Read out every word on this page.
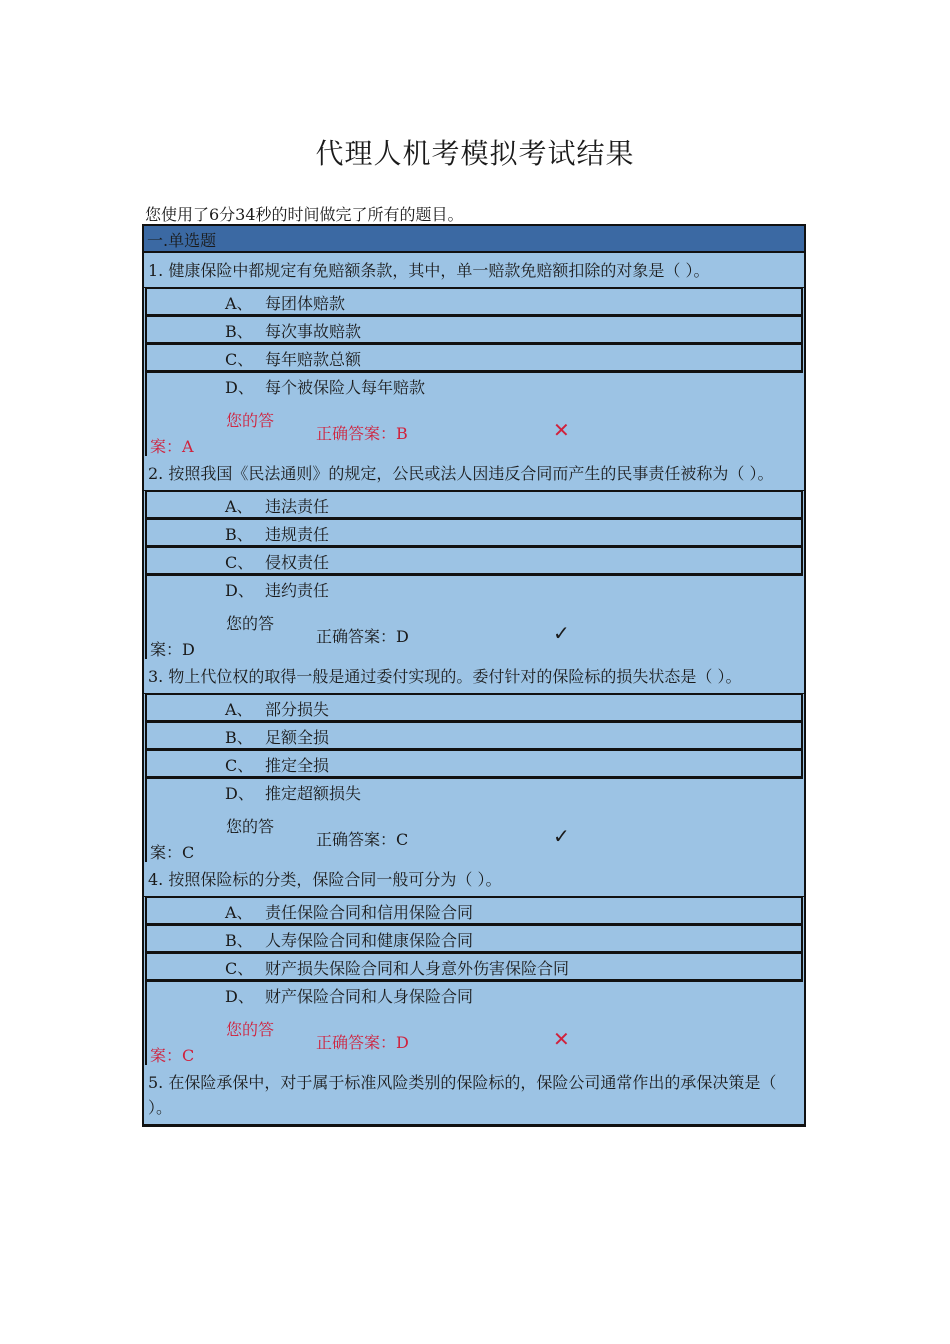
代理人机考模拟考试结果
您使用了6分34秒的时间做完了所有的题目。
一.单选题
1. 健康保险中都规定有免赔额条款，其中，单一赔款免赔额扣除的对象是（ ）。
A、 每团体赔款
B、 每次事故赔款
C、 每年赔款总额
D、 每个被保险人每年赔款
您的答
案：A
正确答案：B	✕
2. 按照我国《民法通则》的规定，公民或法人因违反合同而产生的民事责任被称为（ ）。
A、 违法责任
B、 违规责任
C、 侵权责任
D、 违约责任
您的答
案：D
正确答案：D	✓
3. 物上代位权的取得一般是通过委付实现的。委付针对的保险标的损失状态是（ ）。
A、 部分损失
B、 足额全损
C、 推定全损
D、 推定超额损失
您的答
案：C
正确答案：C	✓
4. 按照保险标的分类，保险合同一般可分为（ ）。
A、 责任保险合同和信用保险合同
B、 人寿保险合同和健康保险合同
C、 财产损失保险合同和人身意外伤害保险合同
D、 财产保险合同和人身保险合同
您的答
案：C
正确答案：D	✕
5. 在保险承保中，对于属于标准风险类别的保险标的，保险公司通常作出的承保决策是（ ）。
